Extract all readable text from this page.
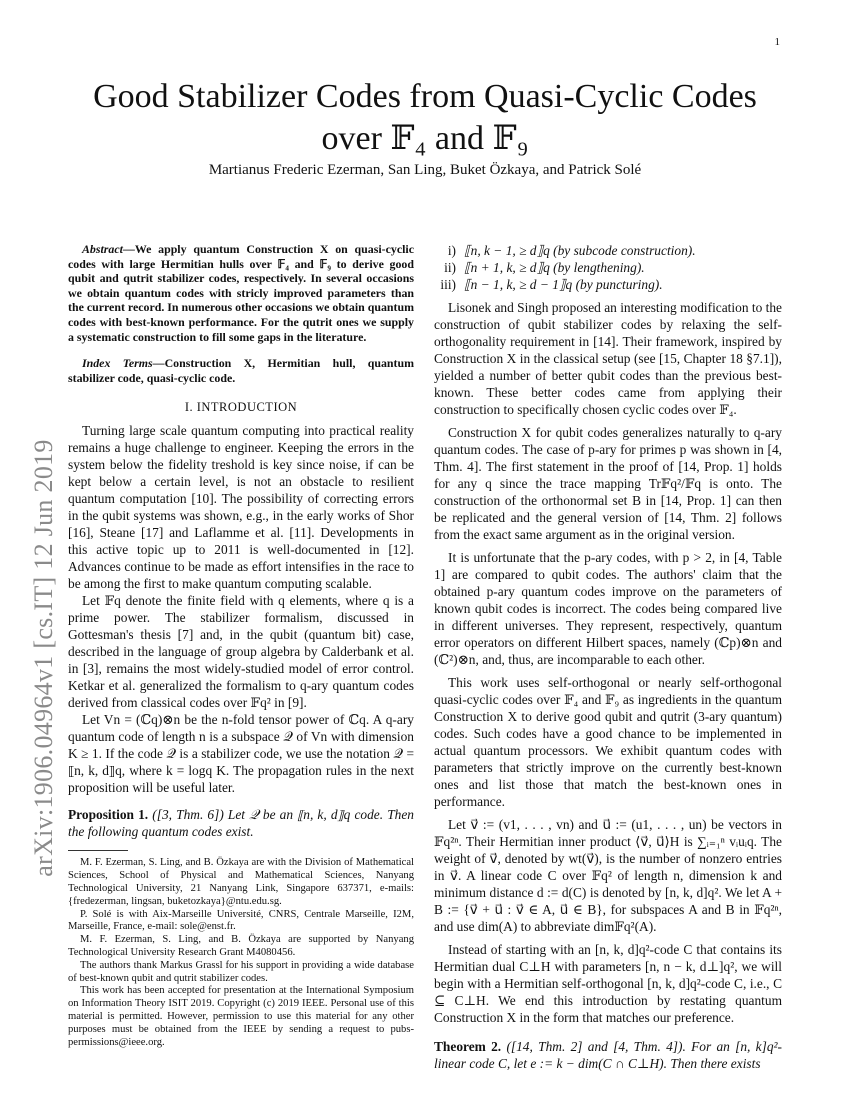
1
arXiv:1906.04964v1 [cs.IT] 12 Jun 2019
Good Stabilizer Codes from Quasi-Cyclic Codes
over 𝔽₄ and 𝔽₉
Martianus Frederic Ezerman, San Ling, Buket Özkaya, and Patrick Solé

Abstract—We apply quantum Construction X on quasi-cyclic codes with large Hermitian hulls over 𝔽₄ and 𝔽₉ to derive good qubit and qutrit stabilizer codes, respectively. In several occasions we obtain quantum codes with stricly improved parameters than the current record. In numerous other occasions we obtain quantum codes with best-known performance. For the qutrit ones we supply a systematic construction to fill some gaps in the literature.

Index Terms—Construction X, Hermitian hull, quantum stabilizer code, quasi-cyclic code.

I. INTRODUCTION

Turning large scale quantum computing into practical reality remains a huge challenge to engineer. Keeping the errors in the system below the fidelity treshold is key since noise, if can be kept below a certain level, is not an obstacle to resilient quantum computation [10]. The possibility of correcting errors in the qubit systems was shown, e.g., in the early works of Shor [16], Steane [17] and Laflamme et al. [11]. Developments in this active topic up to 2011 is well-documented in [12]. Advances continue to be made as effort intensifies in the race to be among the first to make quantum computing scalable.

Let 𝔽q denote the finite field with q elements, where q is a prime power. The stabilizer formalism, discussed in Gottesman's thesis [7] and, in the qubit (quantum bit) case, described in the language of group algebra by Calderbank et al. in [3], remains the most widely-studied model of error control. Ketkar et al. generalized the formalism to q-ary quantum codes derived from classical codes over 𝔽q² in [9].

Let Vn = (ℂq)⊗n be the n-fold tensor power of ℂq. A q-ary quantum code of length n is a subspace 𝒬 of Vn with dimension K ≥ 1. If the code 𝒬 is a stabilizer code, we use the notation 𝒬 = ⟦n, k, d⟧q, where k = logq K. The propagation rules in the next proposition will be useful later.

Proposition 1. ([3, Thm. 6]) Let 𝒬 be an ⟦n, k, d⟧q code. Then the following quantum codes exist.

M. F. Ezerman, S. Ling, and B. Özkaya are with the Division of Mathematical Sciences, School of Physical and Mathematical Sciences, Nanyang Technological University, 21 Nanyang Link, Singapore 637371, e-mails: {fredezerman, lingsan, buketozkaya}@ntu.edu.sg.

P. Solé is with Aix-Marseille Université, CNRS, Centrale Marseille, I2M, Marseille, France, e-mail: sole@enst.fr.

M. F. Ezerman, S. Ling, and B. Özkaya are supported by Nanyang Technological University Research Grant M4080456.

The authors thank Markus Grassl for his support in providing a wide database of best-known qubit and qutrit stabilizer codes.

This work has been accepted for presentation at the International Symposium on Information Theory ISIT 2019. Copyright (c) 2019 IEEE. Personal use of this material is permitted. However, permission to use this material for any other purposes must be obtained from the IEEE by sending a request to pubs-permissions@ieee.org.

i) ⟦n, k − 1, ≥ d⟧q (by subcode construction).
ii) ⟦n + 1, k, ≥ d⟧q (by lengthening).
iii) ⟦n − 1, k, ≥ d − 1⟧q (by puncturing).

Lisonek and Singh proposed an interesting modification to the construction of qubit stabilizer codes by relaxing the self-orthogonality requirement in [14]. Their framework, inspired by Construction X in the classical setup (see [15, Chapter 18 §7.1]), yielded a number of better qubit codes than the previous best-known. These better codes came from applying their construction to specifically chosen cyclic codes over 𝔽₄.

Construction X for qubit codes generalizes naturally to q-ary quantum codes. The case of p-ary for primes p was shown in [4, Thm. 4]. The first statement in the proof of [14, Prop. 1] holds for any q since the trace mapping Tr𝔽q²/𝔽q is onto. The construction of the orthonormal set B in [14, Prop. 1] can then be replicated and the general version of [14, Thm. 2] follows from the exact same argument as in the original version.

It is unfortunate that the p-ary codes, with p > 2, in [4, Table 1] are compared to qubit codes. The authors' claim that the obtained p-ary quantum codes improve on the parameters of known qubit codes is incorrect. The codes being compared live in different universes. They represent, respectively, quantum error operators on different Hilbert spaces, namely (ℂp)⊗n and (ℂ²)⊗n, and, thus, are incomparable to each other.

This work uses self-orthogonal or nearly self-orthogonal quasi-cyclic codes over 𝔽₄ and 𝔽₉ as ingredients in the quantum Construction X to derive good qubit and qutrit (3-ary quantum) codes. Such codes have a good chance to be implemented in actual quantum processors. We exhibit quantum codes with parameters that strictly improve on the currently best-known ones and list those that match the best-known ones in performance.

Let v⃗ := (v1, . . . , vn) and u⃗ := (u1, . . . , un) be vectors in 𝔽q²ⁿ. Their Hermitian inner product ⟨v⃗, u⃗⟩H is ∑ᵢ₌₁ⁿ vᵢuᵢq. The weight of v⃗, denoted by wt(v⃗), is the number of nonzero entries in v⃗. A linear code C over 𝔽q² of length n, dimension k and minimum distance d := d(C) is denoted by [n, k, d]q². We let A + B := {v⃗ + u⃗ : v⃗ ∈ A, u⃗ ∈ B}, for subspaces A and B in 𝔽q²ⁿ, and use dim(A) to abbreviate dim𝔽q²(A).

Instead of starting with an [n, k, d]q²-code C that contains its Hermitian dual C⊥H with parameters [n, n − k, d⊥]q², we will begin with a Hermitian self-orthogonal [n, k, d]q²-code C, i.e., C ⊆ C⊥H. We end this introduction by restating quantum Construction X in the form that matches our preference.

Theorem 2. ([14, Thm. 2] and [4, Thm. 4]). For an [n, k]q²-linear code C, let e := k − dim(C ∩ C⊥H). Then there exists
